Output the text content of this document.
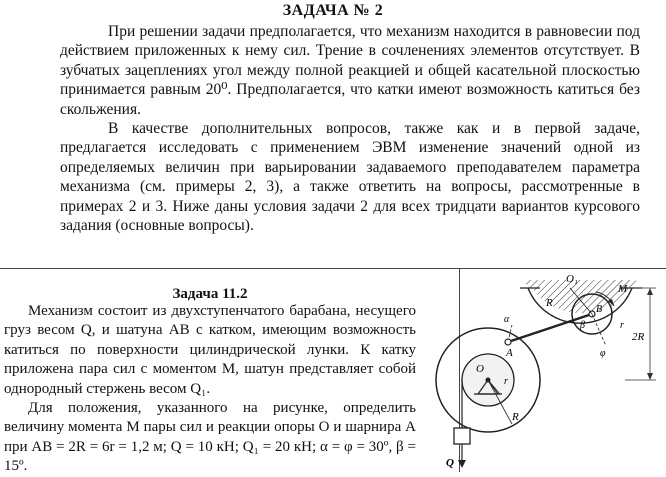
ЗАДАЧА № 2

При решении задачи предполагается, что механизм находится в равновесии под действием приложенных к нему сил. Трение в сочленениях элементов отсутствует. В зубчатых зацеплениях угол между полной реакцией и общей касательной плоскостью принимается равным 20⁰. Предполагается, что катки имеют возможность катиться без скольжения.

В качестве дополнительных вопросов, также как и в первой задаче, предлагается исследовать с применением ЭВМ изменение значений одной из определяемых величин при варьировании задаваемого преподавателем параметра механизма (см. примеры 2, 3), а также ответить на вопросы, рассмотренные в примерах 2 и 3. Ниже даны условия задачи 2 для всех тридцати вариантов курсового задания (основные вопросы).

Задача 11.2

Механизм состоит из двухступенчатого барабана, несущего груз весом Q, и шатуна AB с катком, имеющим возможность катиться по поверхности цилиндрической лунки. К катку приложена пара сил с моментом M, шатун представляет собой однородный стержень весом Q₁.

Для положения, указанного на рисунке, определить величину момента M пары сил и реакции опоры O и шарнира A при AB = 2R = 6r = 1,2 м; Q = 10 кН; Q₁ = 20 кН; α = φ = 30º, β = 15º.

O₁
M
R
B
β	r
2R
α
A	φ
O
r
R
Q
